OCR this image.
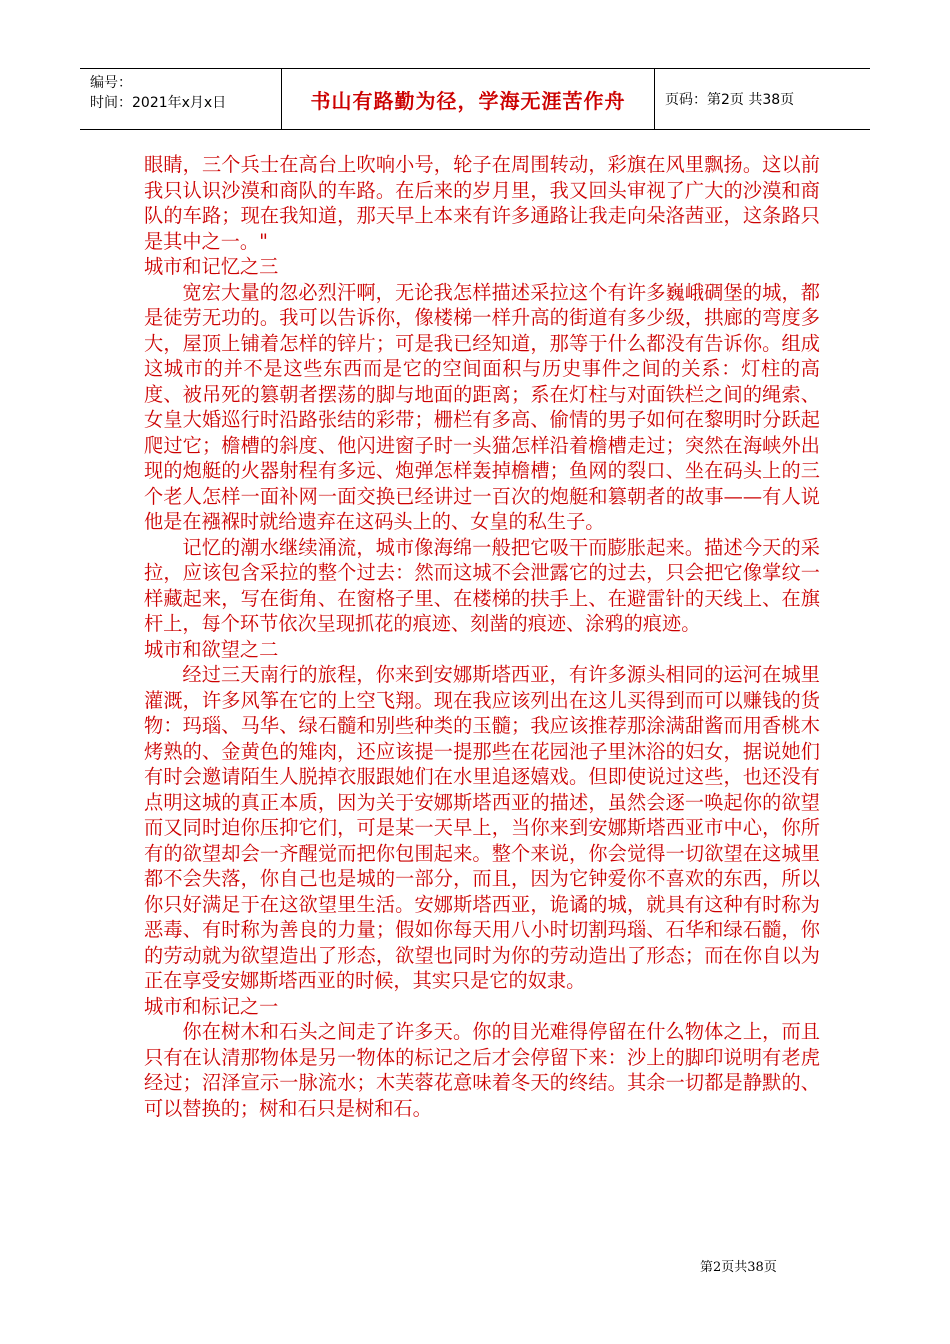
编号：
时间：2021年x月x日	书山有路勤为径，学海无涯苦作舟	页码：第2页 共38页

眼睛，三个兵士在高台上吹响小号，轮子在周围转动，彩旗在风里飘扬。这以前我只认识沙漠和商队的车路。在后来的岁月里，我又回头审视了广大的沙漠和商队的车路；现在我知道，那天早上本来有许多通路让我走向朵洛茜亚，这条路只是其中之一。"

城市和记忆之三

宽宏大量的忽必烈汗啊，无论我怎样描述采拉这个有许多巍峨碉堡的城，都是徒劳无功的。我可以告诉你，像楼梯一样升高的街道有多少级，拱廊的弯度多大，屋顶上铺着怎样的锌片；可是我已经知道，那等于什么都没有告诉你。组成这城市的并不是这些东西而是它的空间面积与历史事件之间的关系：灯柱的高度、被吊死的篡朝者摆荡的脚与地面的距离；系在灯柱与对面铁栏之间的绳索、女皇大婚巡行时沿路张结的彩带；栅栏有多高、偷情的男子如何在黎明时分跃起爬过它；檐槽的斜度、他闪进窗子时一头猫怎样沿着檐槽走过；突然在海峡外出现的炮艇的火器射程有多远、炮弹怎样轰掉檐槽；鱼网的裂口、坐在码头上的三个老人怎样一面补网一面交换已经讲过一百次的炮艇和篡朝者的故事——有人说他是在襁褓时就给遗弃在这码头上的、女皇的私生子。

记忆的潮水继续涌流，城市像海绵一般把它吸干而膨胀起来。描述今天的采拉，应该包含采拉的整个过去：然而这城不会泄露它的过去，只会把它像掌纹一样藏起来，写在街角、在窗格子里、在楼梯的扶手上、在避雷针的天线上、在旗杆上，每个环节依次呈现抓花的痕迹、刻凿的痕迹、涂鸦的痕迹。

城市和欲望之二

经过三天南行的旅程，你来到安娜斯塔西亚，有许多源头相同的运河在城里灌溉，许多风筝在它的上空飞翔。现在我应该列出在这儿买得到而可以赚钱的货物：玛瑙、马华、绿石髓和别些种类的玉髓；我应该推荐那涂满甜酱而用香桃木烤熟的、金黄色的雉肉，还应该提一提那些在花园池子里沐浴的妇女，据说她们有时会邀请陌生人脱掉衣服跟她们在水里追逐嬉戏。但即使说过这些，也还没有点明这城的真正本质，因为关于安娜斯塔西亚的描述，虽然会逐一唤起你的欲望而又同时迫你压抑它们，可是某一天早上，当你来到安娜斯塔西亚市中心，你所有的欲望却会一齐醒觉而把你包围起来。整个来说，你会觉得一切欲望在这城里都不会失落，你自己也是城的一部分，而且，因为它钟爱你不喜欢的东西，所以你只好满足于在这欲望里生活。安娜斯塔西亚，诡谲的城，就具有这种有时称为恶毒、有时称为善良的力量；假如你每天用八小时切割玛瑙、石华和绿石髓，你的劳动就为欲望造出了形态，欲望也同时为你的劳动造出了形态；而在你自以为正在享受安娜斯塔西亚的时候，其实只是它的奴隶。

城市和标记之一

你在树木和石头之间走了许多天。你的目光难得停留在什么物体之上，而且只有在认清那物体是另一物体的标记之后才会停留下来：沙上的脚印说明有老虎经过；沼泽宣示一脉流水；木芙蓉花意味着冬天的终结。其余一切都是静默的、可以替换的；树和石只是树和石。

第2页共38页
